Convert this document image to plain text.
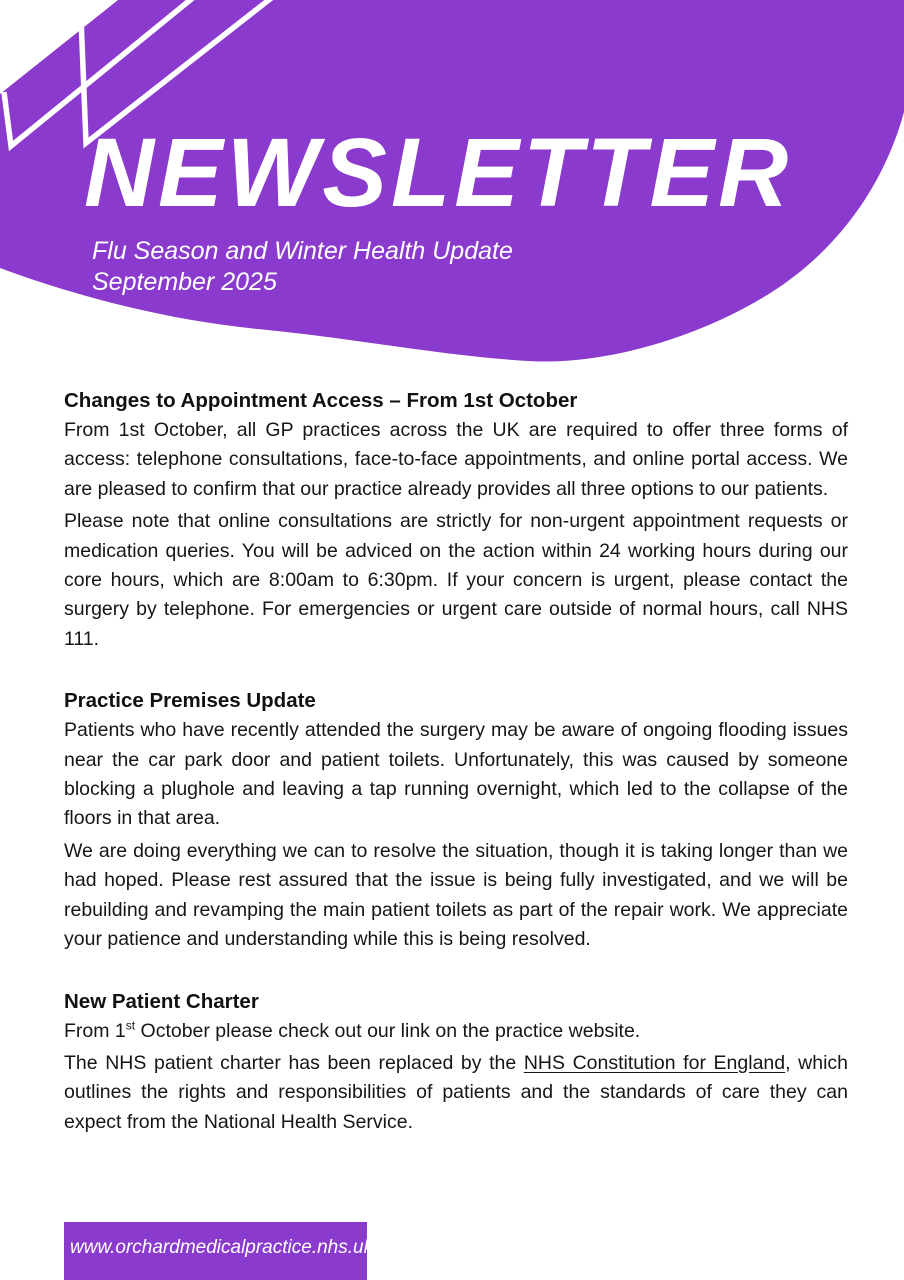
NEWSLETTER
Flu Season and Winter Health Update
September 2025
Changes to Appointment Access – From 1st October

From 1st October, all GP practices across the UK are required to offer three forms of access: telephone consultations, face-to-face appointments, and online portal access. We are pleased to confirm that our practice already provides all three options to our patients.

Please note that online consultations are strictly for non-urgent appointment requests or medication queries. You will be adviced on the action within 24 working hours during our core hours, which are 8:00am to 6:30pm. If your concern is urgent, please contact the surgery by telephone. For emergencies or urgent care outside of normal hours, call NHS 111.

Practice Premises Update

Patients who have recently attended the surgery may be aware of ongoing flooding issues near the car park door and patient toilets. Unfortunately, this was caused by someone blocking a plughole and leaving a tap running overnight, which led to the collapse of the floors in that area.

We are doing everything we can to resolve the situation, though it is taking longer than we had hoped. Please rest assured that the issue is being fully investigated, and we will be rebuilding and revamping the main patient toilets as part of the repair work. We appreciate your patience and understanding while this is being resolved.

New Patient Charter

From 1st October please check out our link on the practice website.

The NHS patient charter has been replaced by the NHS Constitution for England, which outlines the rights and responsibilities of patients and the standards of care they can expect from the National Health Service.

www.orchardmedicalpractice.nhs.uk
